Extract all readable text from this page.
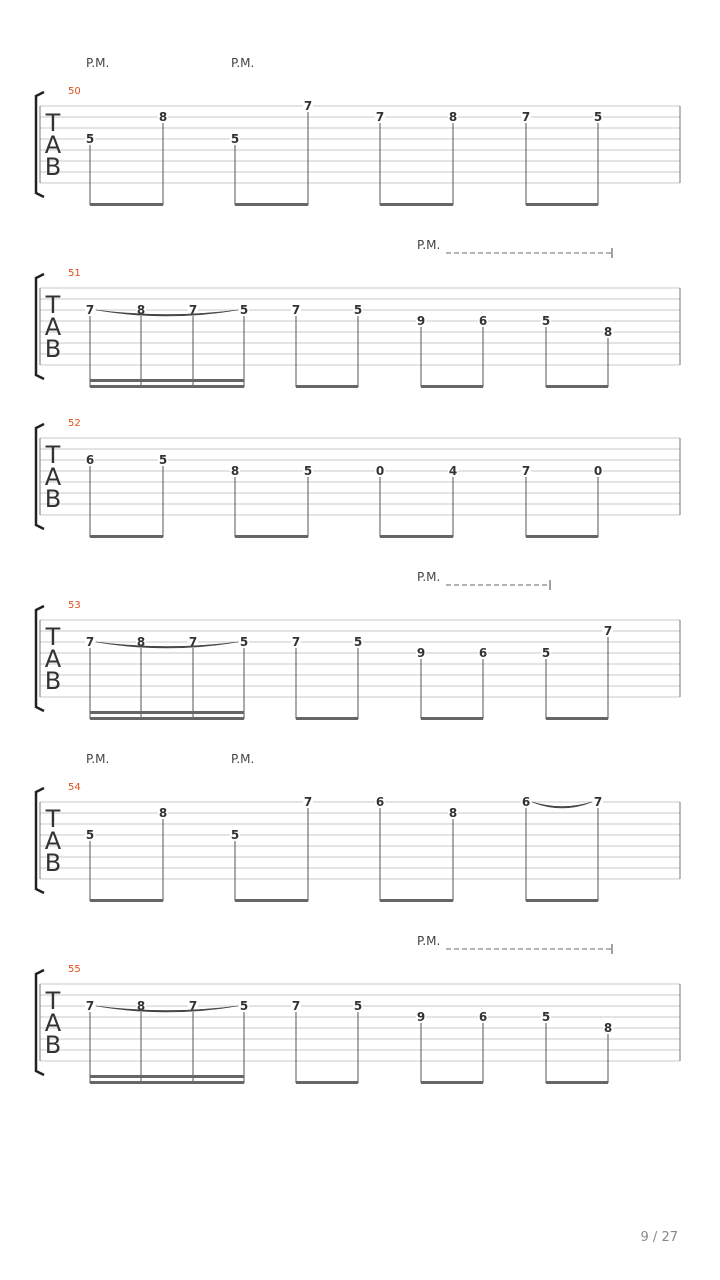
T
A
B
50
P.M.	P.M.
5
8
5
7
7	8	7	5
T
A
B
51
P.M.
7	8	7	5	7	5
9	6	5
8
T
A
B
52
6	5
8	5	0	4	7	0
T
A
B
53
P.M.
7	8	7	5	7	5
9	6	5
7
T
A
B
54
P.M.	P.M.
5
8
5
7	6
8
6	7
T
A
B
55
P.M.
7	8	7	5	7	5
9	6	5
8
9 / 27
